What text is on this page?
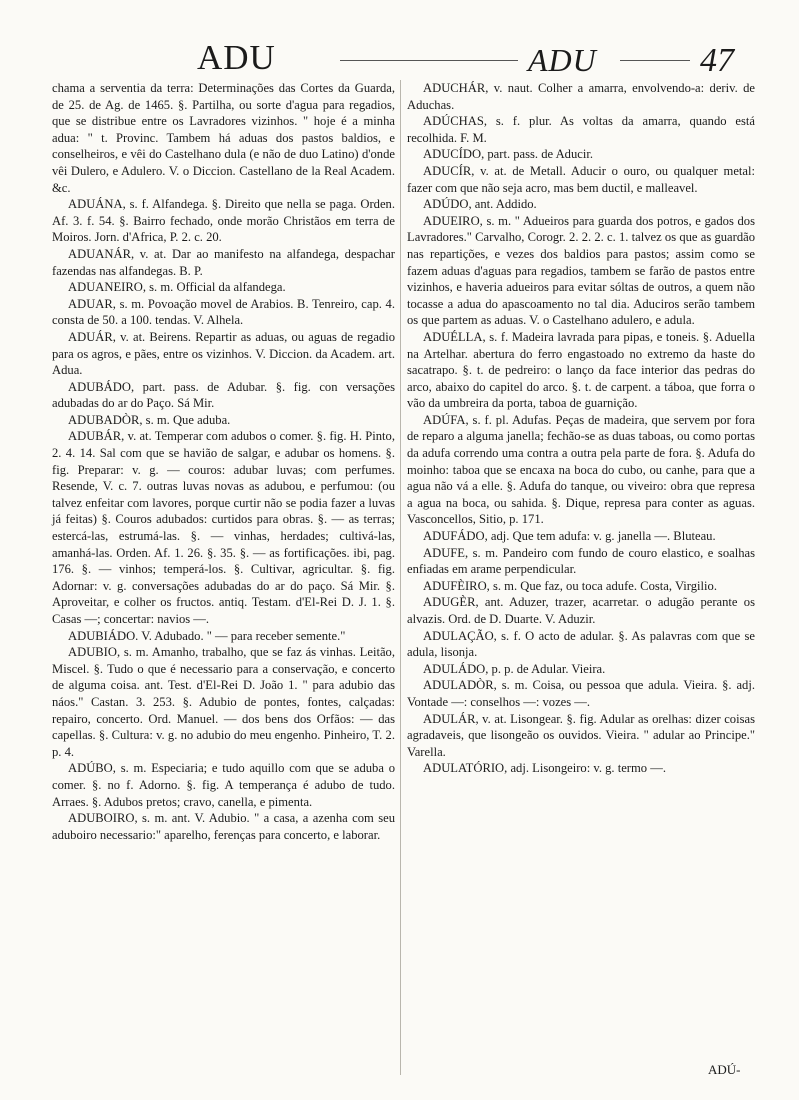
ADU	ADU	47

chama a serventia da terra: Determinações das Cortes da Guarda, de 25. de Ag. de 1465. §. Partilha, ou sorte d'agua para regadios, que se distribue entre os Lavradores vizinhos. " hoje é a minha adua: " t. Provinc. Tambem há aduas dos pastos baldios, e conselheiros, e vêi do Castelhano dula (e não de duo Latino) d'onde vêi Dulero, e Adulero. V. o Diccion. Castellano de la Real Academ. &c.

ADUÁNA, s. f. Alfandega. §. Direito que nella se paga. Orden. Af. 3. f. 54. §. Bairro fechado, onde morão Christãos em terra de Moiros. Jorn. d'Africa, P. 2. c. 20.

ADUANÁR, v. at. Dar ao manifesto na alfandega, despachar fazendas nas alfandegas. B. P.

ADUANEIRO, s. m. Official da alfandega.

ADUAR, s. m. Povoação movel de Arabios. B. Tenreiro, cap. 4. consta de 50. a 100. tendas. V. Alhela.

ADUÁR, v. at. Beirens. Repartir as aduas, ou aguas de regadio para os agros, e pães, entre os vizinhos. V. Diccion. da Academ. art. Adua.

ADUBÁDO, part. pass. de Adubar. §. fig. con versações adubadas do ar do Paço. Sá Mir.

ADUBADÒR, s. m. Que aduba.

ADUBÁR, v. at. Temperar com adubos o comer. §. fig. H. Pinto, 2. 4. 14. Sal com que se havião de salgar, e adubar os homens. §. fig. Preparar: v. g. — couros: adubar luvas; com perfumes. Resende, V. c. 7. outras luvas novas as adubou, e perfumou: (ou talvez enfeitar com lavores, porque curtir não se podia fazer a luvas já feitas) §. Couros adubados: curtidos para obras. §. — as terras; estercá-las, estrumá-las. §. — vinhas, herdades; cultivá-las, amanhá-las. Orden. Af. 1. 26. §. 35. §. — as fortificações. ibi, pag. 176. §. — vinhos; temperá-los. §. Cultivar, agricultar. §. fig. Adornar: v. g. conversações adubadas do ar do paço. Sá Mir. §. Aproveitar, e colher os fructos. antiq. Testam. d'El-Rei D. J. 1. §. Casas —; concertar: navios —.

ADUBIÁDO. V. Adubado. " — para receber semente."

ADUBIO, s. m. Amanho, trabalho, que se faz ás vinhas. Leitão, Miscel. §. Tudo o que é necessario para a conservação, e concerto de alguma coisa. ant. Test. d'El-Rei D. João 1. " para adubio das náos." Castan. 3. 253. §. Adubio de pontes, fontes, calçadas: repairo, concerto. Ord. Manuel. — dos bens dos Orfãos: — das capellas. §. Cultura: v. g. no adubio do meu engenho. Pinheiro, T. 2. p. 4.

ADÚBO, s. m. Especiaria; e tudo aquillo com que se aduba o comer. §. no f. Adorno. §. fig. A temperança é adubo de tudo. Arraes. §. Adubos pretos; cravo, canella, e pimenta.

ADUBOIRO, s. m. ant. V. Adubio. " a casa, a azenha com seu aduboiro necessario:" aparelho, ferenças para concerto, e laborar.

ADUCHÁR, v. naut. Colher a amarra, envolvendo-a: deriv. de Aduchas.

ADÚCHAS, s. f. plur. As voltas da amarra, quando está recolhida. F. M.

ADUCÍDO, part. pass. de Aducir.

ADUCÍR, v. at. de Metall. Aducir o ouro, ou qualquer metal: fazer com que não seja acro, mas bem ductil, e malleavel.

ADÚDO, ant. Addido.

ADUEIRO, s. m. " Adueiros para guarda dos potros, e gados dos Lavradores." Carvalho, Corogr. 2. 2. 2. c. 1. talvez os que as guardão nas repartições, e vezes dos baldios para pastos; assim como se fazem aduas d'aguas para regadios, tambem se farão de pastos entre vizinhos, e haveria adueiros para evitar sóltas de outros, a quem não tocasse a adua do apascoamento no tal dia. Aduciros serão tambem os que partem as aduas. V. o Castelhano adulero, e adula.

ADUÉLLA, s. f. Madeira lavrada para pipas, e toneis. §. Aduella na Artelhar. abertura do ferro engastoado no extremo da haste do sacatrapo. §. t. de pedreiro: o lanço da face interior das pedras do arco, abaixo do capitel do arco. §. t. de carpent. a táboa, que forra o vão da umbreira da porta, taboa de guarnição.

ADÚFA, s. f. pl. Adufas. Peças de madeira, que servem por fora de reparo a alguma janella; fechão-se as duas taboas, ou como portas da adufa correndo uma contra a outra pela parte de fora. §. Adufa do moinho: taboa que se encaxa na boca do cubo, ou canhe, para que a agua não vá a elle. §. Adufa do tanque, ou viveiro: obra que represa a agua na boca, ou sahida. §. Dique, represa para conter as aguas. Vasconcellos, Sitio, p. 171.

ADUFÁDO, adj. Que tem adufa: v. g. janella —. Bluteau.

ADUFE, s. m. Pandeiro com fundo de couro elastico, e soalhas enfiadas em arame perpendicular.

ADUFÈIRO, s. m. Que faz, ou toca adufe. Costa, Virgilio.

ADUGÈR, ant. Aduzer, trazer, acarretar. o adugão perante os alvazis. Ord. de D. Duarte. V. Aduzir.

ADULAÇÃO, s. f. O acto de adular. §. As palavras com que se adula, lisonja.

ADULÁDO, p. p. de Adular. Vieira.

ADULADÒR, s. m. Coisa, ou pessoa que adula. Vieira. §. adj. Vontade —: conselhos —: vozes —.

ADULÁR, v. at. Lisongear. §. fig. Adular as orelhas: dizer coisas agradaveis, que lisongeão os ouvidos. Vieira. " adular ao Principe." Varella.

ADULATÓRIO, adj. Lisongeiro: v. g. termo —.

ADÚ-
